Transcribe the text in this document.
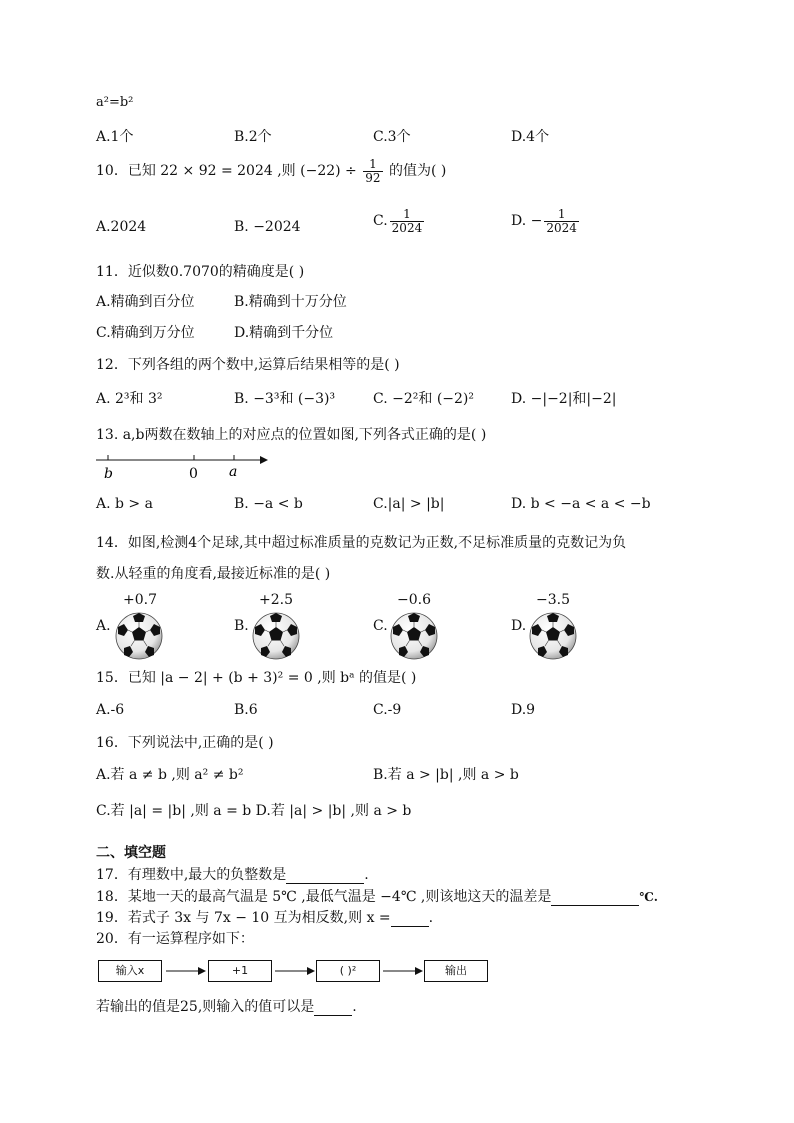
a²=b²
A.1个	B.2个	C.3个	D.4个
10．已知 22 × 92 = 2024 ,则 $(-22) \div \frac{1}{92}$ 的值为( )
A.2024	B. −2024	C. $\frac{1}{2024}$	D. − $\frac{1}{2024}$
11．近似数0.7070的精确度是( )
A.精确到百分位	B.精确到十万分位
C.精确到万分位	D.精确到千分位
12．下列各组的两个数中,运算后结果相等的是( )
A. 2³和 3²	B. −3³和 (−3)³	C. −2²和 (−2)²	D. −|−2|和|−2|
13. a,b两数在数轴上的对应点的位置如图,下列各式正确的是( )
b	0 a
A. b > a	B. −a < b	C.|a| > |b|	D. b < −a < a < −b
14．如图,检测4个足球,其中超过标准质量的克数记为正数,不足标准质量的克数记为负
数.从轻重的角度看,最接近标准的是( )
A.
+0.7
B.
+2.5
C.
−0.6
D.
−3.5
15．已知 |a − 2| + (b + 3)² = 0 ,则 bᵃ 的值是( )
A.-6	B.6	C.-9	D.9
16．下列说法中,正确的是( )
A.若 a ≠ b ,则 a² ≠ b²	B.若 a > |b| ,则 a > b
C.若 |a| = |b| ,则 a = b D.若 |a| > |b| ,则 a > b
二、填空题
17．有理数中,最大的负整数是	.
18．某地一天的最高气温是 5℃ ,最低气温是 −4℃ ,则该地这天的温差是	℃.
19．若式子 3x 与 7x − 10 互为相反数,则 x =	.
20．有一运算程序如下：
输入x	+1	( )²	输出
若输出的值是25,则输入的值可以是	.
